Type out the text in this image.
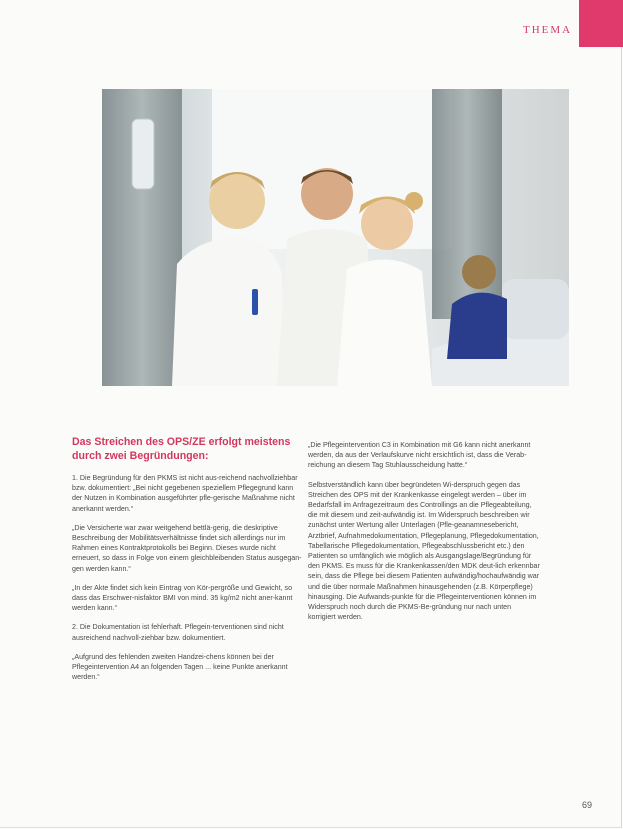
THEMA
Das Streichen des OPS/ZE erfolgt meistens durch zwei Begründungen:

1. Die Begründung für den PKMS ist nicht aus-reichend nachvollziehbar bzw. dokumentiert: „Bei nicht gegebenen speziellem Pflegegrund kann der Nutzen in Kombination ausgeführter pfle-gerische Maßnahme nicht anerkannt werden.“

„Die Versicherte war zwar weitgehend bettlä-gerig, die deskriptive Beschreibung der Mobilitätsverhältnisse findet sich allerdings nur im Rahmen eines Kontraktprotokolls bei Beginn. Dieses wurde nicht erneuert, so dass in Folge von einem gleichbleibenden Status ausgegan-gen werden kann.“

„In der Akte findet sich kein Eintrag von Kör-pergröße und Gewicht, so dass das Erschwer-nisfaktor BMI von mind. 35 kg/m2 nicht aner-kannt werden kann.“

2. Die Dokumentation ist fehlerhaft. Pflegein-terventionen sind nicht ausreichend nachvoll-ziehbar bzw. dokumentiert.

„Aufgrund des fehlenden zweiten Handzei-chens können bei der Pflegeintervention A4 an folgenden Tagen ... keine Punkte anerkannt werden.“

„Die Pflegeintervention C3 in Kombination mit G6 kann nicht anerkannt werden, da aus der Verlaufskurve nicht ersichtlich ist, dass die Verab-reichung an diesem Tag Stuhlausscheidung hatte.“

Selbstverständlich kann über begründeten Wi-derspruch gegen das Streichen des OPS mit der Krankenkasse eingelegt werden – über im Bedarfsfall im Anfragezeitraum des Controllings an die Pflegeabteilung, die mit diesem und zeit-aufwändig ist. Im Widerspruch beschreiben wir zunächst unter Wertung aller Unterlagen (Pfle-geanamnesebericht, Arztbrief, Aufnahmedokumentation, Pflegeplanung, Pflegedokumentation, Tabellarische Pflegedokumentation, Pflegeabschlussbericht etc.) den Patienten so umfänglich wie möglich als Ausgangslage/Begründung für den PKMS. Es muss für die Krankenkassen/den MDK deut-lich erkennbar sein, dass die Pflege bei diesem Patienten aufwändig/hochaufwändig war und die über normale Maßnahmen hinausgehenden (z.B. Körperpflege) hinausging. Die Aufwands-punkte für die Pflegeinterventionen können im Widerspruch noch durch die PKMS-Be-gründung nur nach unten korrigiert werden.

69
